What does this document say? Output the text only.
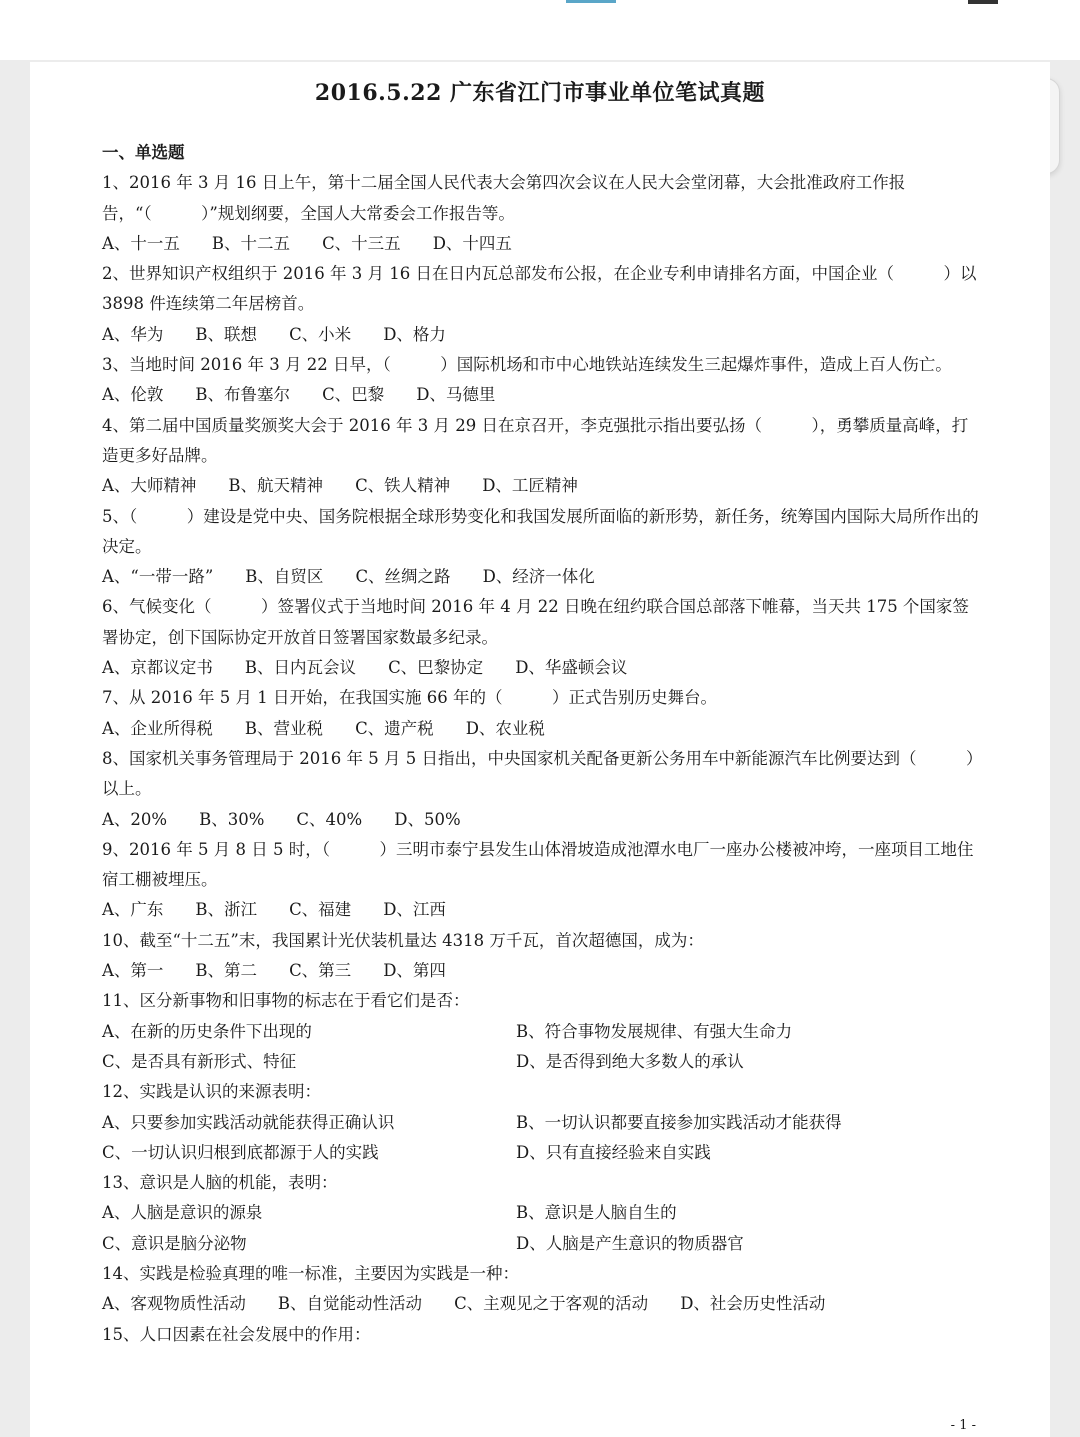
2016.5.22 广东省江门市事业单位笔试真题
一、单选题

1、2016 年 3 月 16 日上午，第十二届全国人民代表大会第四次会议在人民大会堂闭幕，大会批准政府工作报告，“（　　　）”规划纲要，全国人大常委会工作报告等。

A、十一五 B、十二五 C、十三五 D、十四五

2、世界知识产权组织于 2016 年 3 月 16 日在日内瓦总部发布公报，在企业专利申请排名方面，中国企业（　　　）以 3898 件连续第二年居榜首。

A、华为 B、联想 C、小米 D、格力

3、当地时间 2016 年 3 月 22 日早，（　　　）国际机场和市中心地铁站连续发生三起爆炸事件，造成上百人伤亡。

A、伦敦 B、布鲁塞尔 C、巴黎 D、马德里

4、第二届中国质量奖颁奖大会于 2016 年 3 月 29 日在京召开，李克强批示指出要弘扬（　　　），勇攀质量高峰，打造更多好品牌。

A、大师精神 B、航天精神 C、铁人精神 D、工匠精神

5、（　　　）建设是党中央、国务院根据全球形势变化和我国发展所面临的新形势，新任务，统筹国内国际大局所作出的决定。

A、“一带一路” B、自贸区 C、丝绸之路 D、经济一体化

6、气候变化（　　　）签署仪式于当地时间 2016 年 4 月 22 日晚在纽约联合国总部落下帷幕，当天共 175 个国家签署协定，创下国际协定开放首日签署国家数最多纪录。

A、京都议定书 B、日内瓦会议 C、巴黎协定 D、华盛顿会议

7、从 2016 年 5 月 1 日开始，在我国实施 66 年的（　　　）正式告别历史舞台。

A、企业所得税 B、营业税 C、遗产税 D、农业税

8、国家机关事务管理局于 2016 年 5 月 5 日指出，中央国家机关配备更新公务用车中新能源汽车比例要达到（　　　）以上。

A、20% B、30% C、40% D、50%

9、2016 年 5 月 8 日 5 时，（　　　）三明市泰宁县发生山体滑坡造成池潭水电厂一座办公楼被冲垮，一座项目工地住宿工棚被埋压。

A、广东 B、浙江 C、福建 D、江西

10、截至“十二五”末，我国累计光伏装机量达 4318 万千瓦，首次超德国，成为：

A、第一 B、第二 C、第三 D、第四

11、区分新事物和旧事物的标志在于看它们是否：

A、在新的历史条件下出现的	B、符合事物发展规律、有强大生命力
C、是否具有新形式、特征	D、是否得到绝大多数人的承认

12、实践是认识的来源表明：

A、只要参加实践活动就能获得正确认识	B、一切认识都要直接参加实践活动才能获得
C、一切认识归根到底都源于人的实践	D、只有直接经验来自实践

13、意识是人脑的机能，表明：

A、人脑是意识的源泉	B、意识是人脑自生的
C、意识是脑分泌物	D、人脑是产生意识的物质器官

14、实践是检验真理的唯一标准，主要因为实践是一种：

A、客观物质性活动 B、自觉能动性活动 C、主观见之于客观的活动 D、社会历史性活动

15、人口因素在社会发展中的作用：

- 1 -
